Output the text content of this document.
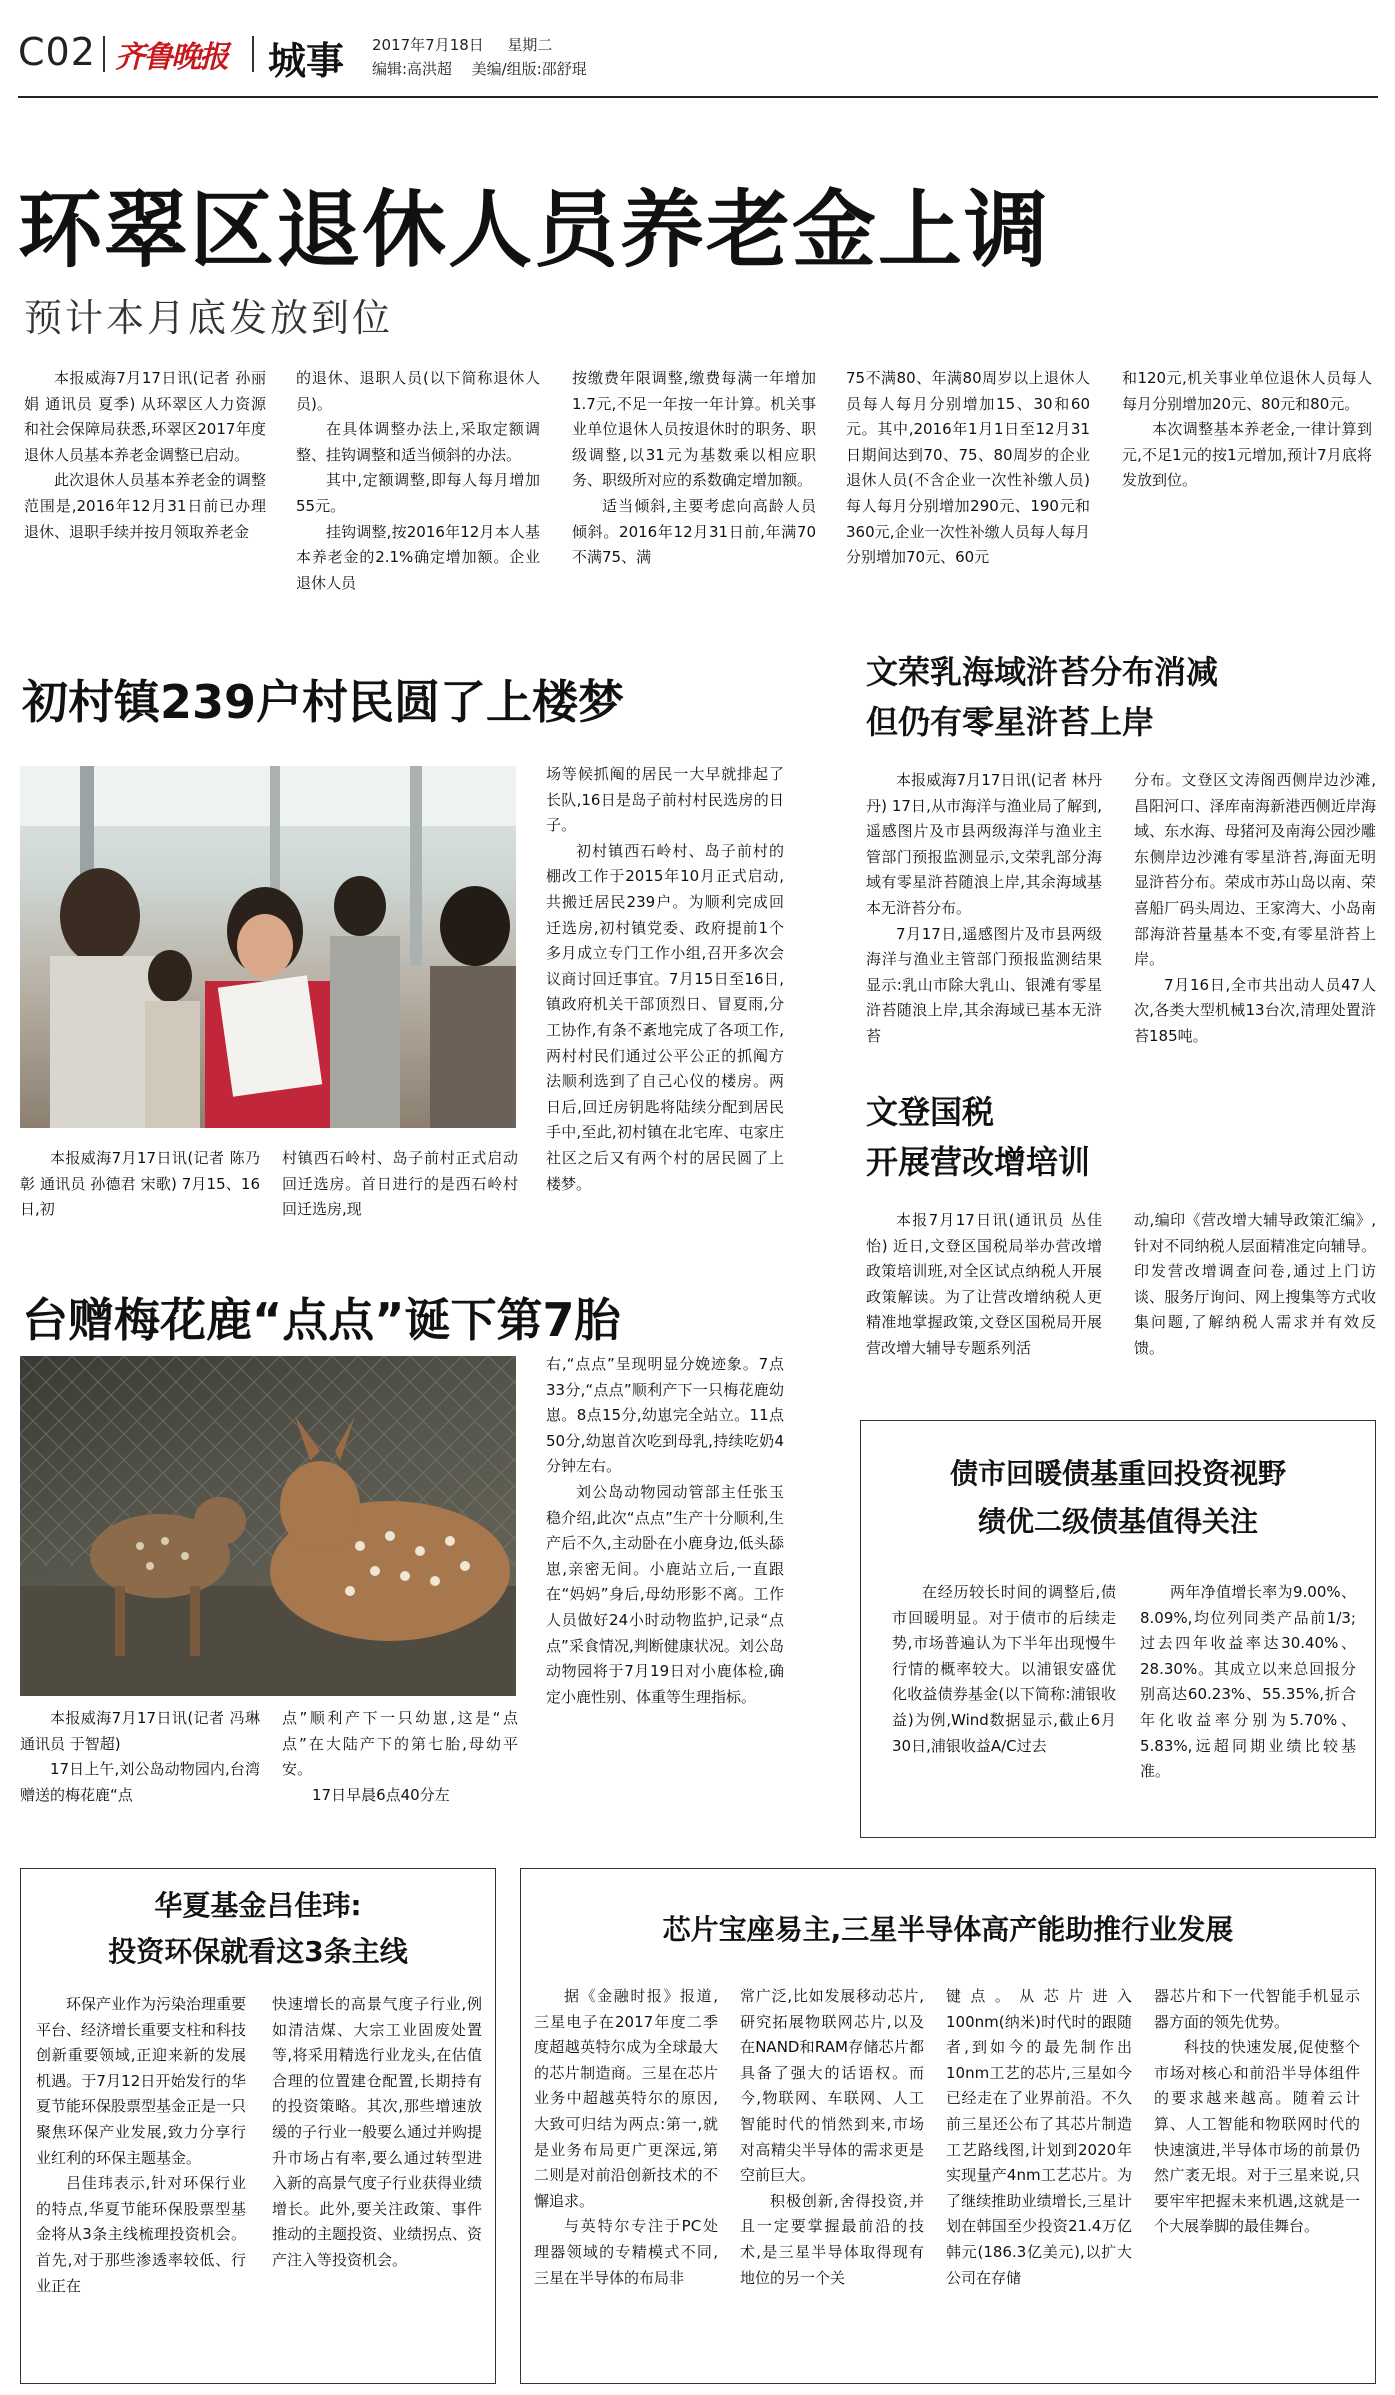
C02 齐鲁晚报 城事 2017年7月18日 星期二
编辑:高洪超 美编/组版:邵舒琨
环翠区退休人员养老金上调
预计本月底发放到位

本报威海7月17日讯(记者 孙丽娟 通讯员 夏季) 从环翠区人力资源和社会保障局获悉,环翠区2017年度退休人员基本养老金调整已启动。

此次退休人员基本养老金的调整范围是,2016年12月31日前已办理退休、退职手续并按月领取养老金

的退休、退职人员(以下简称退休人员)。

在具体调整办法上,采取定额调整、挂钩调整和适当倾斜的办法。

其中,定额调整,即每人每月增加55元。

挂钩调整,按2016年12月本人基本养老金的2.1%确定增加额。企业退休人员

按缴费年限调整,缴费每满一年增加1.7元,不足一年按一年计算。机关事业单位退休人员按退休时的职务、职级调整,以31元为基数乘以相应职务、职级所对应的系数确定增加额。

适当倾斜,主要考虑向高龄人员倾斜。2016年12月31日前,年满70不满75、满

75不满80、年满80周岁以上退休人员每人每月分别增加15、30和60元。其中,2016年1月1日至12月31日期间达到70、75、80周岁的企业退休人员(不含企业一次性补缴人员)每人每月分别增加290元、190元和360元,企业一次性补缴人员每人每月分别增加70元、60元

和120元,机关事业单位退休人员每人每月分别增加20元、80元和80元。

本次调整基本养老金,一律计算到元,不足1元的按1元增加,预计7月底将发放到位。

初村镇239户村民圆了上楼梦

本报威海7月17日讯(记者 陈乃彰 通讯员 孙德君 宋歌) 7月15、16日,初

村镇西石岭村、岛子前村正式启动回迁选房。首日进行的是西石岭村回迁选房,现

场等候抓阄的居民一大早就排起了长队,16日是岛子前村村民选房的日子。

初村镇西石岭村、岛子前村的棚改工作于2015年10月正式启动,共搬迁居民239户。为顺利完成回迁选房,初村镇党委、政府提前1个多月成立专门工作小组,召开多次会议商讨回迁事宜。7月15日至16日,镇政府机关干部顶烈日、冒夏雨,分工协作,有条不紊地完成了各项工作,两村村民们通过公平公正的抓阄方法顺利选到了自己心仪的楼房。两日后,回迁房钥匙将陆续分配到居民手中,至此,初村镇在北宅库、屯家庄社区之后又有两个村的居民圆了上楼梦。

文荣乳海域浒苔分布消减
但仍有零星浒苔上岸

本报威海7月17日讯(记者 林丹丹) 17日,从市海洋与渔业局了解到,遥感图片及市县两级海洋与渔业主管部门预报监测显示,文荣乳部分海域有零星浒苔随浪上岸,其余海域基本无浒苔分布。

7月17日,遥感图片及市县两级海洋与渔业主管部门预报监测结果显示:乳山市除大乳山、银滩有零星浒苔随浪上岸,其余海域已基本无浒苔

分布。文登区文涛阁西侧岸边沙滩,昌阳河口、泽库南海新港西侧近岸海域、东水海、母猪河及南海公园沙雕东侧岸边沙滩有零星浒苔,海面无明显浒苔分布。荣成市苏山岛以南、荣喜船厂码头周边、王家湾大、小岛南部海浒苔量基本不变,有零星浒苔上岸。

7月16日,全市共出动人员47人次,各类大型机械13台次,清理处置浒苔185吨。

文登国税
开展营改增培训

本报7月17日讯(通讯员 丛佳怡) 近日,文登区国税局举办营改增政策培训班,对全区试点纳税人开展政策解读。为了让营改增纳税人更精准地掌握政策,文登区国税局开展营改增大辅导专题系列活

动,编印《营改增大辅导政策汇编》,针对不同纳税人层面精准定向辅导。印发营改增调查问卷,通过上门访谈、服务厅询问、网上搜集等方式收集问题,了解纳税人需求并有效反馈。

台赠梅花鹿“点点”诞下第7胎

本报威海7月17日讯(记者 冯琳 通讯员 于智超)

17日上午,刘公岛动物园内,台湾赠送的梅花鹿“点

点”顺利产下一只幼崽,这是“点点”在大陆产下的第七胎,母幼平安。

17日早晨6点40分左

右,“点点”呈现明显分娩迹象。7点33分,“点点”顺利产下一只梅花鹿幼崽。8点15分,幼崽完全站立。11点50分,幼崽首次吃到母乳,持续吃奶4分钟左右。

刘公岛动物园动管部主任张玉稳介绍,此次“点点”生产十分顺利,生产后不久,主动卧在小鹿身边,低头舔崽,亲密无间。小鹿站立后,一直跟在“妈妈”身后,母幼形影不离。工作人员做好24小时动物监护,记录“点点”采食情况,判断健康状况。刘公岛动物园将于7月19日对小鹿体检,确定小鹿性别、体重等生理指标。

债市回暖债基重回投资视野
绩优二级债基值得关注

在经历较长时间的调整后,债市回暖明显。对于债市的后续走势,市场普遍认为下半年出现慢牛行情的概率较大。以浦银安盛优化收益债券基金(以下简称:浦银收益)为例,Wind数据显示,截止6月30日,浦银收益A/C过去

两年净值增长率为9.00%、8.09%,均位列同类产品前1/3;过去四年收益率达30.40%、28.30%。其成立以来总回报分别高达60.23%、55.35%,折合年化收益率分别为5.70%、5.83%,远超同期业绩比较基准。

华夏基金吕佳玮:
投资环保就看这3条主线

环保产业作为污染治理重要平台、经济增长重要支柱和科技创新重要领域,正迎来新的发展机遇。于7月12日开始发行的华夏节能环保股票型基金正是一只聚焦环保产业发展,致力分享行业红利的环保主题基金。

吕佳玮表示,针对环保行业的特点,华夏节能环保股票型基金将从3条主线梳理投资机会。首先,对于那些渗透率较低、行业正在

快速增长的高景气度子行业,例如清洁煤、大宗工业固废处置等,将采用精选行业龙头,在估值合理的位置建仓配置,长期持有的投资策略。其次,那些增速放缓的子行业一般要么通过并购提升市场占有率,要么通过转型进入新的高景气度子行业获得业绩增长。此外,要关注政策、事件推动的主题投资、业绩拐点、资产注入等投资机会。

芯片宝座易主,三星半导体高产能助推行业发展

据《金融时报》报道,三星电子在2017年度二季度超越英特尔成为全球最大的芯片制造商。三星在芯片业务中超越英特尔的原因,大致可归结为两点:第一,就是业务布局更广更深远,第二则是对前沿创新技术的不懈追求。

与英特尔专注于PC处理器领域的专精模式不同,三星在半导体的布局非

常广泛,比如发展移动芯片,研究拓展物联网芯片,以及在NAND和RAM存储芯片都具备了强大的话语权。而今,物联网、车联网、人工智能时代的悄然到来,市场对高精尖半导体的需求更是空前巨大。

积极创新,舍得投资,并且一定要掌握最前沿的技术,是三星半导体取得现有地位的另一个关

键点。从芯片进入100nm(纳米)时代时的跟随者,到如今的最先制作出10nm工艺的芯片,三星如今已经走在了业界前沿。不久前三星还公布了其芯片制造工艺路线图,计划到2020年实现量产4nm工艺芯片。为了继续推助业绩增长,三星计划在韩国至少投资21.4万亿韩元(186.3亿美元),以扩大公司在存储

器芯片和下一代智能手机显示器方面的领先优势。

科技的快速发展,促使整个市场对核心和前沿半导体组件的要求越来越高。随着云计算、人工智能和物联网时代的快速演进,半导体市场的前景仍然广袤无垠。对于三星来说,只要牢牢把握未来机遇,这就是一个大展拳脚的最佳舞台。
